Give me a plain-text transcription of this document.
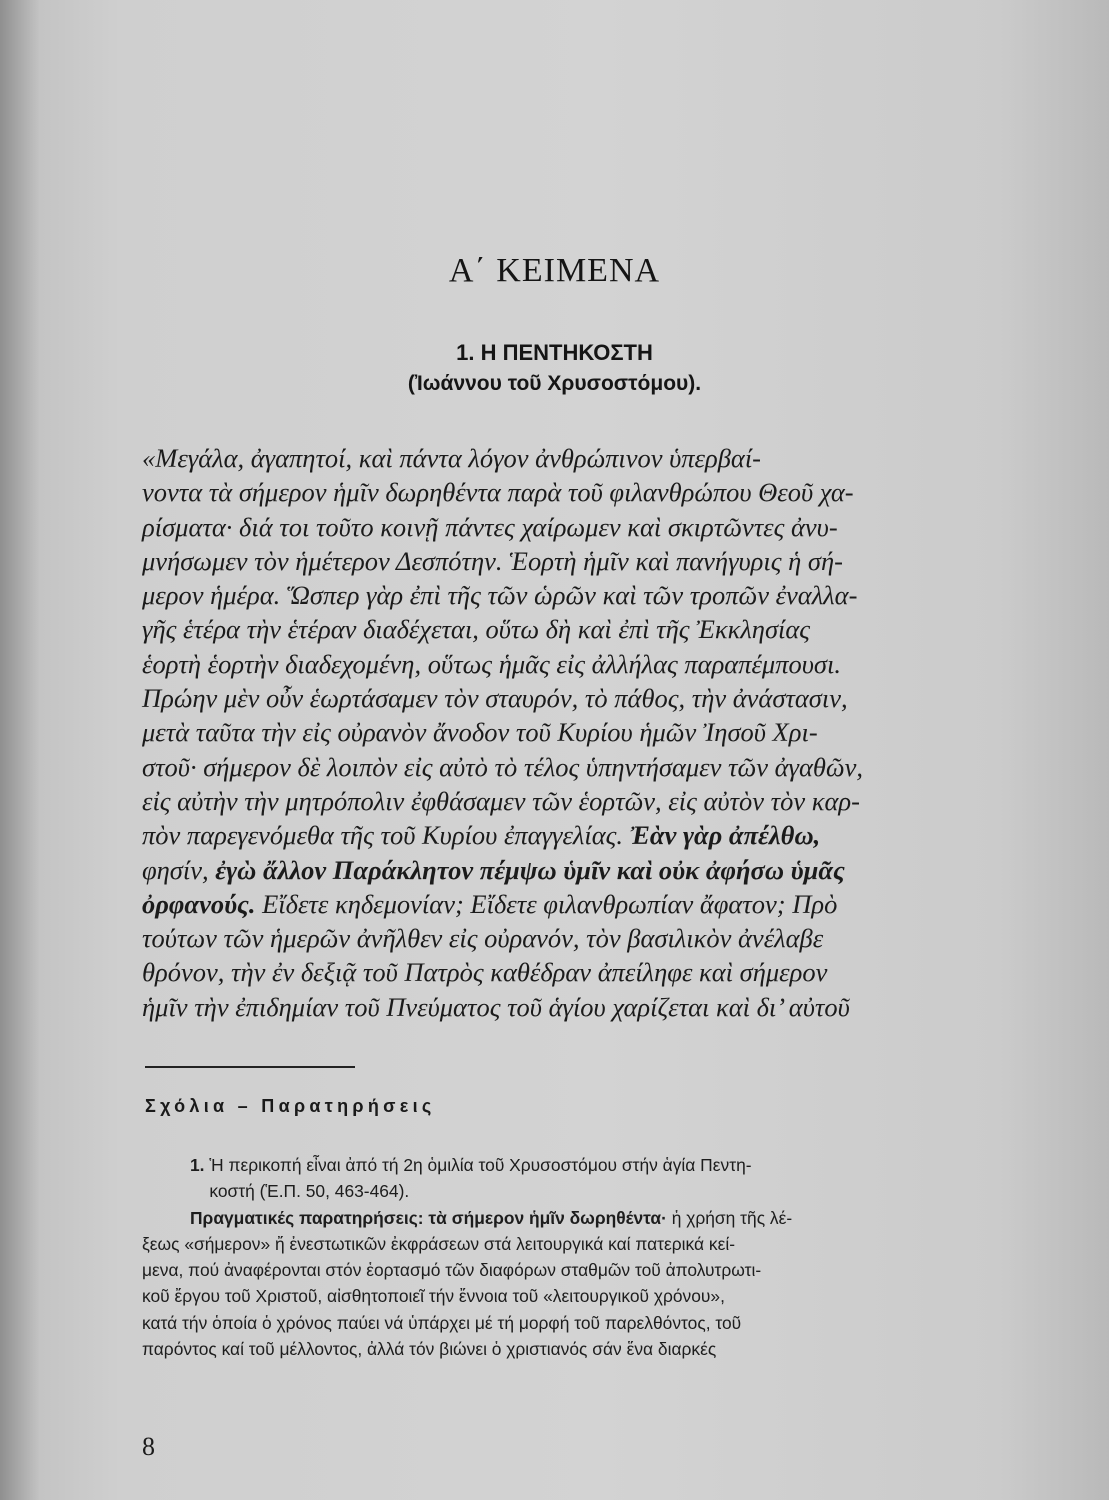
Α΄ ΚΕΙΜΕΝΑ
1. Η ΠΕΝΤΗΚΟΣΤΗ
(Ἰωάννου τοῦ Χρυσοστόμου).
«Μεγάλα, ἀγαπητοί, καὶ πάντα λόγον ἀνθρώπινον ὑπερβαί-
νοντα τὰ σήμερον ἡμῖν δωρηθέντα παρὰ τοῦ φιλανθρώπου Θεοῦ χα-
ρίσματα· διά τοι τοῦτο κοινῇ πάντες χαίρωμεν καὶ σκιρτῶντες ἀνυ-
μνήσωμεν τὸν ἡμέτερον Δεσπότην. Ἑορτὴ ἡμῖν καὶ πανήγυρις ἡ σή-
μερον ἡμέρα. Ὥσπερ γὰρ ἐπὶ τῆς τῶν ὡρῶν καὶ τῶν τροπῶν ἐναλλα-
γῆς ἑτέρα τὴν ἑτέραν διαδέχεται, οὕτω δὴ καὶ ἐπὶ τῆς Ἐκκλησίας
ἑορτὴ ἑορτὴν διαδεχομένη, οὕτως ἡμᾶς εἰς ἀλλήλας παραπέμπουσι.
Πρώην μὲν οὖν ἑωρτάσαμεν τὸν σταυρόν, τὸ πάθος, τὴν ἀνάστασιν,
μετὰ ταῦτα τὴν εἰς οὐρανὸν ἄνοδον τοῦ Κυρίου ἡμῶν Ἰησοῦ Χρι-
στοῦ· σήμερον δὲ λοιπὸν εἰς αὐτὸ τὸ τέλος ὑπηντήσαμεν τῶν ἀγαθῶν,
εἰς αὐτὴν τὴν μητρόπολιν ἐφθάσαμεν τῶν ἑορτῶν, εἰς αὐτὸν τὸν καρ-
πὸν παρεγενόμεθα τῆς τοῦ Κυρίου ἐπαγγελίας. Ἐὰν γὰρ ἀπέλθω,
φησίν, ἐγὼ ἄλλον Παράκλητον πέμψω ὑμῖν καὶ οὐκ ἀφήσω ὑμᾶς
ὀρφανούς. Εἴδετε κηδεμονίαν; Εἴδετε φιλανθρωπίαν ἄφατον; Πρὸ
τούτων τῶν ἡμερῶν ἀνῆλθεν εἰς οὐρανόν, τὸν βασιλικὸν ἀνέλαβε
θρόνον, τὴν ἐν δεξιᾷ τοῦ Πατρὸς καθέδραν ἀπείληφε καὶ σήμερον
ἡμῖν τὴν ἐπιδημίαν τοῦ Πνεύματος τοῦ ἁγίου χαρίζεται καὶ δι’ αὐτοῦ
Σχόλια – Παρατηρήσεις
1. Ἡ περικοπή εἶναι ἀπό τή 2η ὁμιλία τοῦ Χρυσοστόμου στήν ἁγία Πεντη-
κοστή (Ἑ.Π. 50, 463-464).
Πραγματικές παρατηρήσεις: τὰ σήμερον ἡμῖν δωρηθέντα· ἡ χρήση τῆς λέ-
ξεως «σήμερον» ἤ ἐνεστωτικῶν ἐκφράσεων στά λειτουργικά καί πατερικά κεί-
μενα, πού ἀναφέρονται στόν ἑορτασμό τῶν διαφόρων σταθμῶν τοῦ ἀπολυτρωτι-
κοῦ ἔργου τοῦ Χριστοῦ, αἰσθητοποιεῖ τήν ἔννοια τοῦ «λειτουργικοῦ χρόνου»,
κατά τήν ὁποία ὁ χρόνος παύει νά ὑπάρχει μέ τή μορφή τοῦ παρελθόντος, τοῦ
παρόντος καί τοῦ μέλλοντος, ἀλλά τόν βιώνει ὁ χριστιανός σάν ἕνα διαρκές
8
